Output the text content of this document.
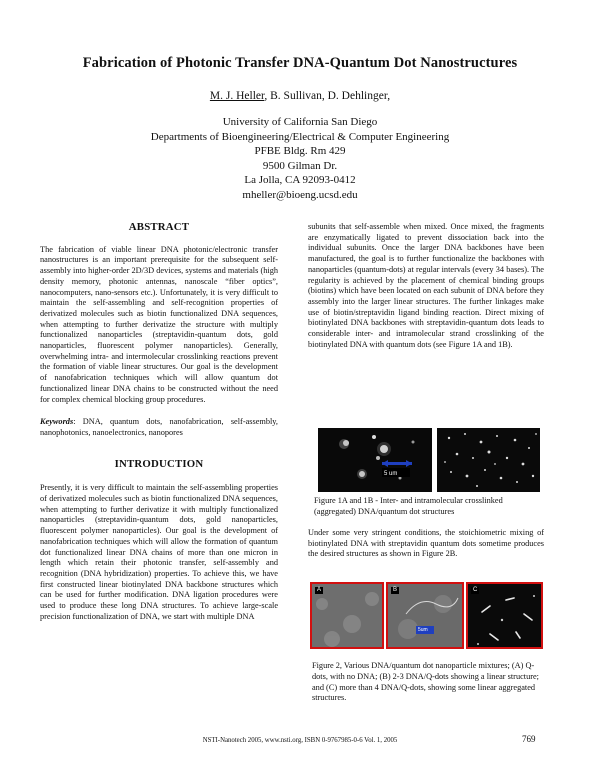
Fabrication of Photonic Transfer DNA-Quantum Dot Nanostructures
M. J. Heller, B. Sullivan, D. Dehlinger,
University of California San Diego
Departments of Bioengineering/Electrical & Computer Engineering
PFBE Bldg. Rm 429
9500 Gilman Dr.
La Jolla, CA 92093-0412
mheller@bioeng.ucsd.edu
ABSTRACT

The fabrication of viable linear DNA photonic/electronic transfer nanostructures is an important prerequisite for the subsequent self-assembly into higher-order 2D/3D devices, systems and materials (high density memory, photonic antennas, nanoscale “fiber optics”, nanocomputers, nano-sensors etc.). Unfortunately, it is very difficult to maintain the self-assembling and self-recognition properties of derivatized molecules such as biotin functionalized DNA sequences, when attempting to further derivatize the structure with multiply functionalized nanoparticles (streptavidin-quantum dots, gold nanoparticles, fluorescent polymer nanoparticles). Generally, overwhelming intra- and intermolecular crosslinking reactions prevent the formation of viable linear structures. Our goal is the development of nanofabrication techniques which will allow quantum dot functionalized linear DNA chains to be constructed without the need for complex chemical blocking group procedures.

Keywords: DNA, quantum dots, nanofabrication, self-assembly, nanophotonics, nanoelectronics, nanopores

INTRODUCTION

Presently, it is very difficult to maintain the self-assembling properties of derivatized molecules such as biotin functionalized DNA sequences, when attempting to further derivatize it with multiply functionalized nanoparticles (streptavidin-quantum dots, gold nanoparticles, fluorescent polymer nanoparticles). Our goal is the development of nanofabrication techniques which will allow the formation of quantum dot functionalized linear DNA chains of more than one micron in length which retain their photonic transfer, self-assembly and recognition (DNA hybridization) properties. To achieve this, we have first constructed linear biotinylated DNA backbone structures which can be used for further modification. DNA ligation procedures were used to produce these long DNA structures. To achieve large-scale precision functionalization of DNA, we start with multiple DNA

subunits that self-assemble when mixed. Once mixed, the fragments are enzymatically ligated to prevent dissociation back into the individual subunits. Once the larger DNA backbones have been manufactured, the goal is to further functionalize the backbones with nanoparticles (quantum-dots) at regular intervals (every 34 bases). The regularity is achieved by the placement of chemical binding groups (biotins) which have been located on each subunit of DNA before they assembly into the larger linear structures. The further linkages make use of biotin/streptavidin ligand binding reaction. Direct mixing of biotinylated DNA backbones with streptavidin-quantum dots leads to considerable inter- and intramolecular strand crosslinking of the biotinylated DNA with quantum dots (see Figure 1A and 1B).

5 um
Figure 1A and 1B - Inter- and intramolecular crosslinked (aggregated) DNA/quantum dot structures

Under some very stringent conditions, the stoichiometric mixing of biotinylated DNA with streptavidin quantum dots sometime produces the desired structures as shown in Figure 2B.

A	B
5um
C
Figure 2, Various DNA/quantum dot nanoparticle mixtures; (A) Q-dots, with no DNA; (B) 2-3 DNA/Q-dots showing a linear structure; and (C) more than 4 DNA/Q-dots, showing some linear aggregated structures.
NSTI-Nanotech 2005, www.nsti.org, ISBN 0-9767985-0-6 Vol. 1, 2005	769
